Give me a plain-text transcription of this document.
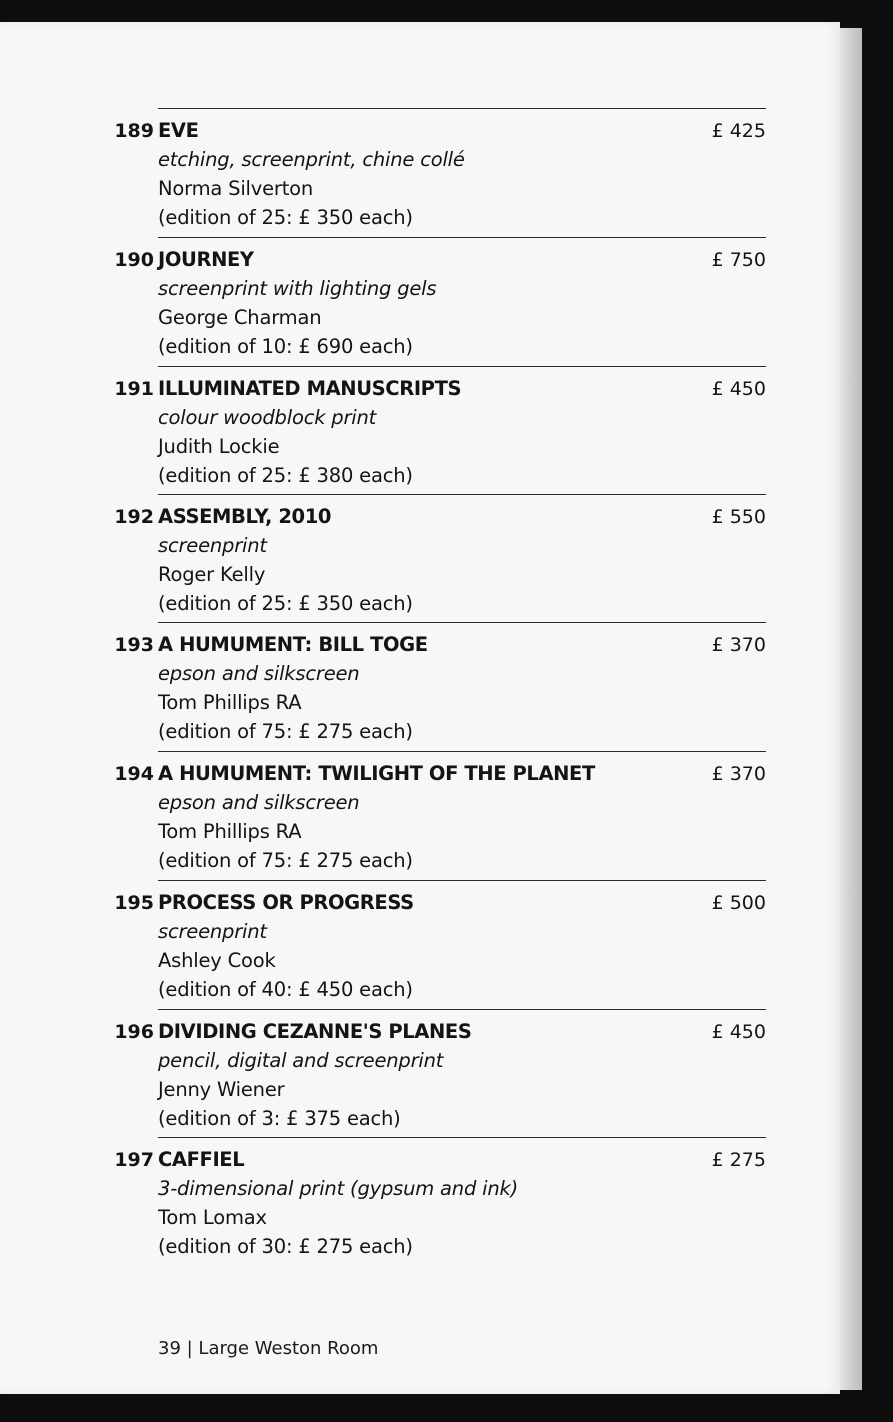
189 EVE
etching, screenprint, chine collé
Norma Silverton
(edition of 25: £ 350 each)
£ 425
190 JOURNEY
screenprint with lighting gels
George Charman
(edition of 10: £ 690 each)
£ 750
191 ILLUMINATED MANUSCRIPTS
colour woodblock print
Judith Lockie
(edition of 25: £ 380 each)
£ 450
192 ASSEMBLY, 2010
screenprint
Roger Kelly
(edition of 25: £ 350 each)
£ 550
193 A HUMUMENT: BILL TOGE
epson and silkscreen
Tom Phillips RA
(edition of 75: £ 275 each)
£ 370
194 A HUMUMENT: TWILIGHT OF THE PLANET
epson and silkscreen
Tom Phillips RA
(edition of 75: £ 275 each)
£ 370
195 PROCESS OR PROGRESS
screenprint
Ashley Cook
(edition of 40: £ 450 each)
£ 500
196 DIVIDING CEZANNE'S PLANES
pencil, digital and screenprint
Jenny Wiener
(edition of 3: £ 375 each)
£ 450
197 CAFFIEL
3-dimensional print (gypsum and ink)
Tom Lomax
(edition of 30: £ 275 each)
£ 275
39 | Large Weston Room
